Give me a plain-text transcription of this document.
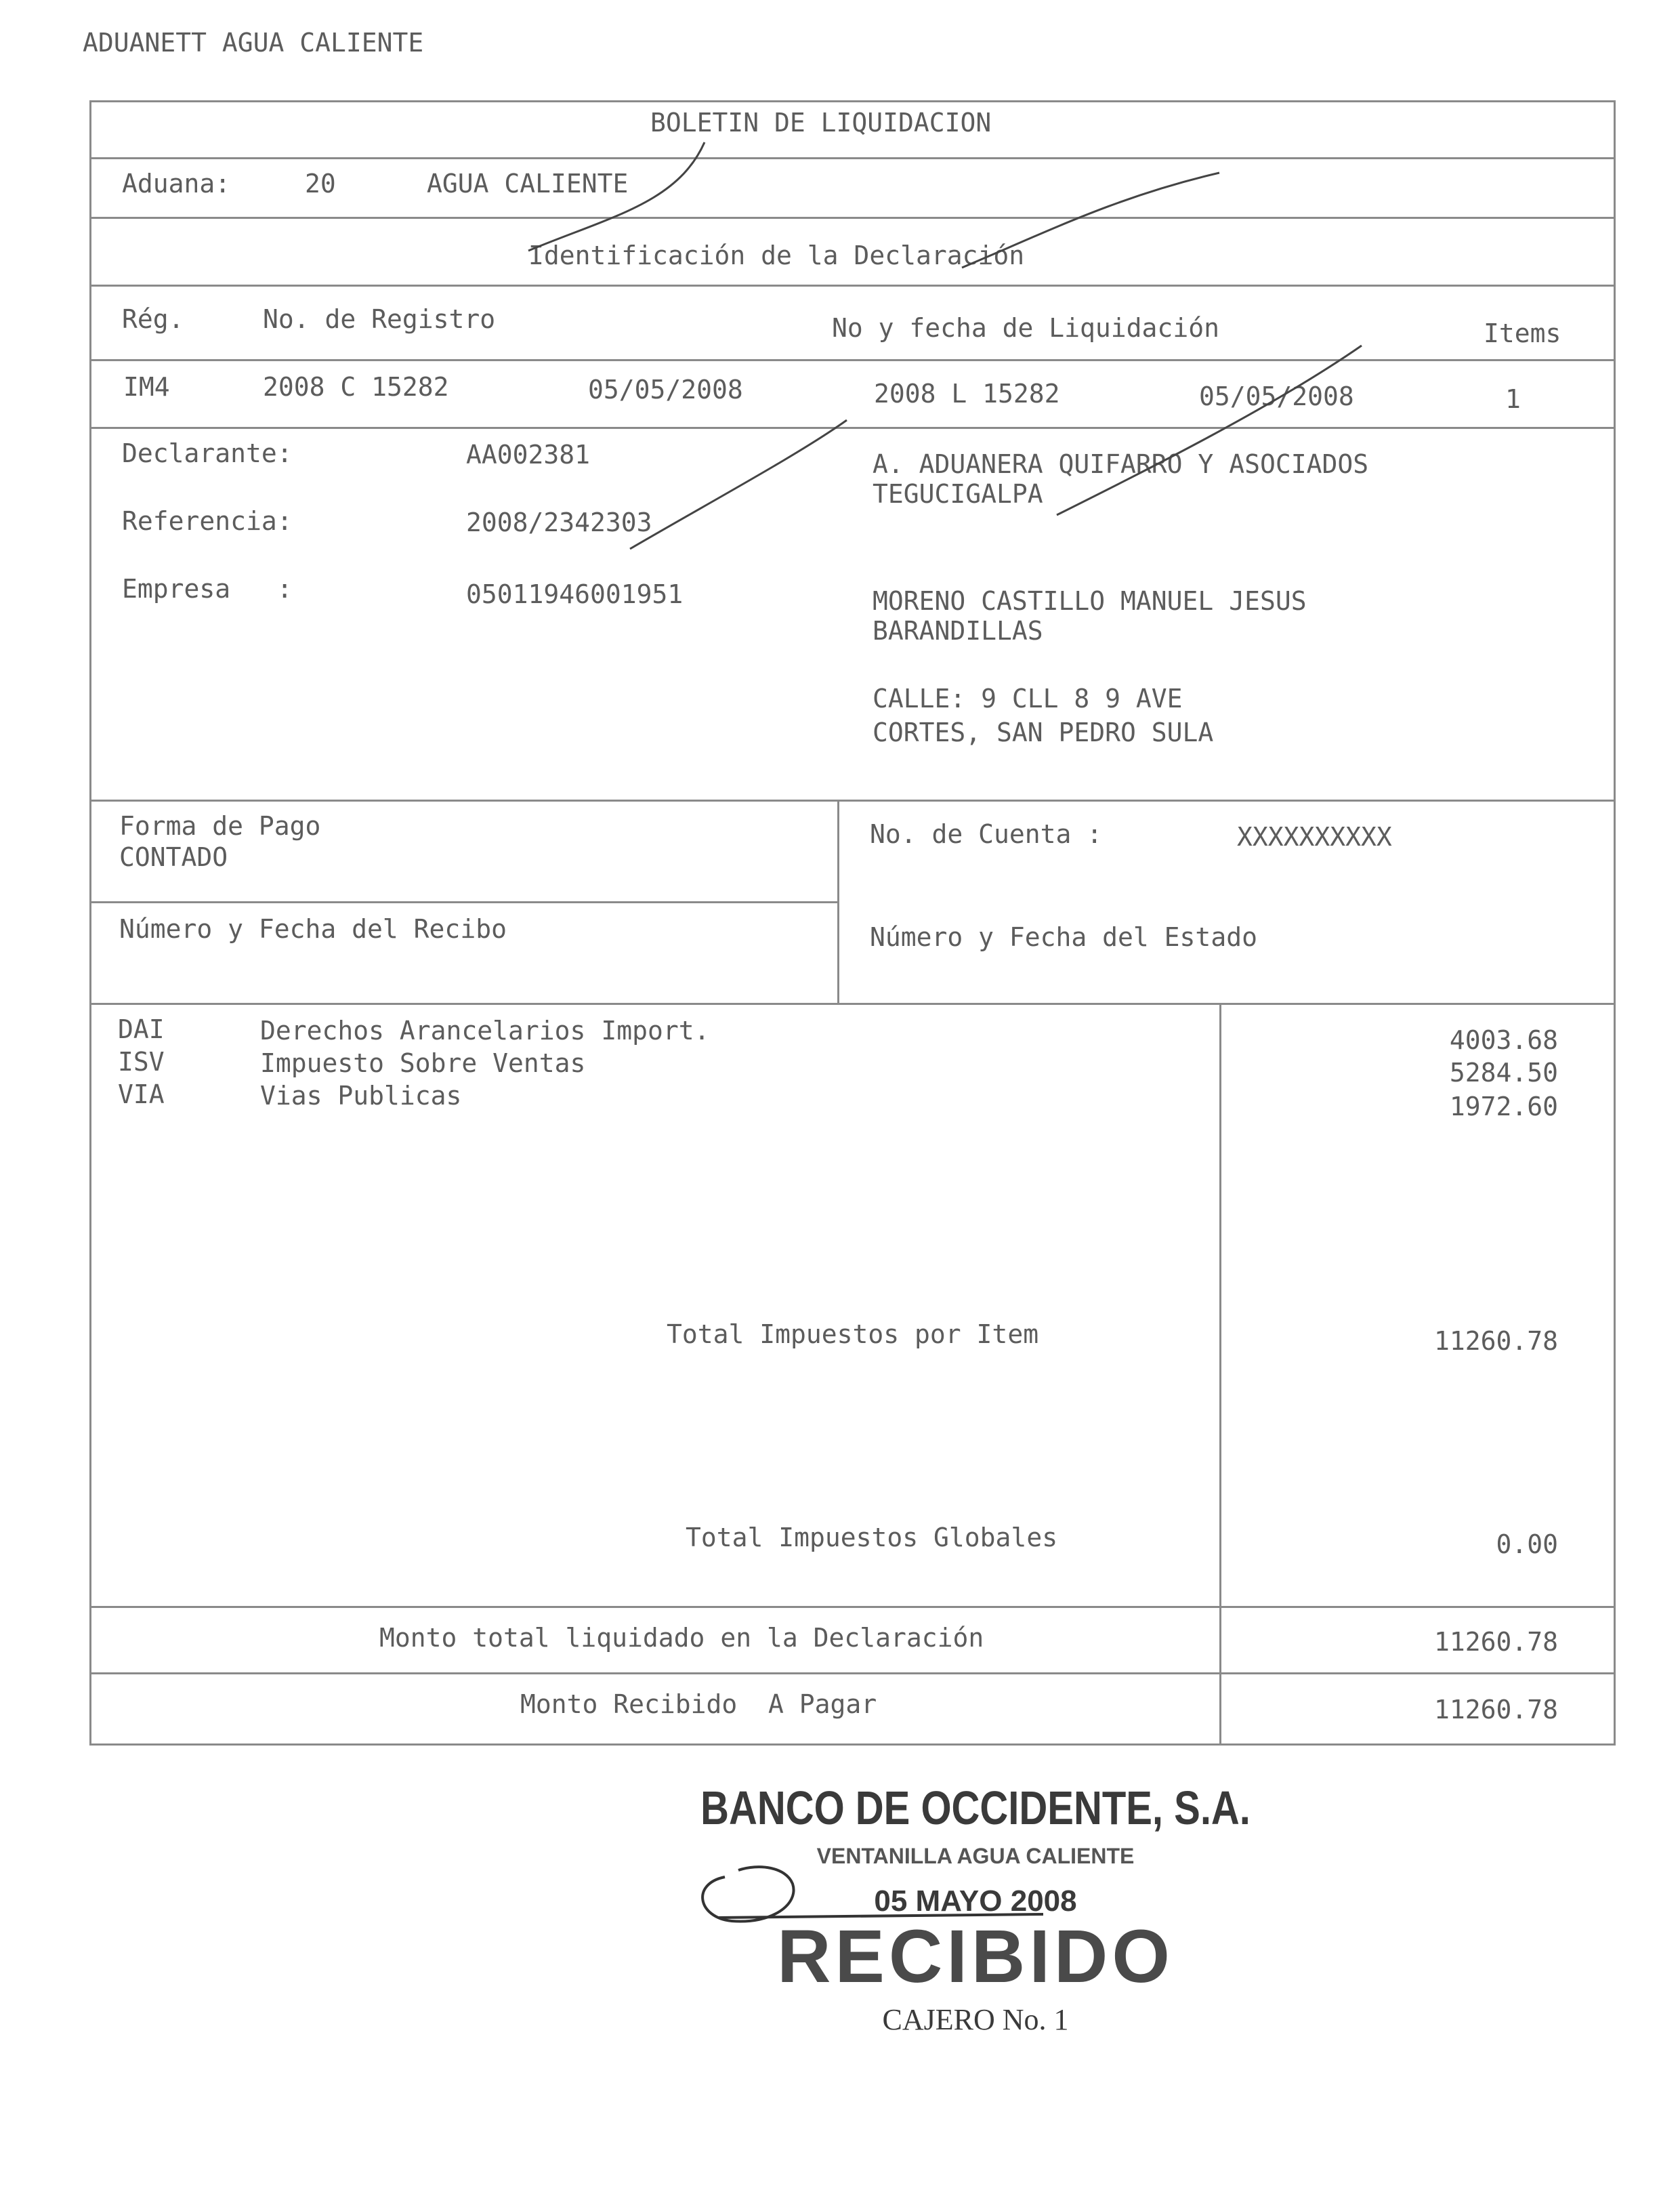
ADUANETT AGUA CALIENTE
BOLETIN DE LIQUIDACION
Aduana:	20	AGUA CALIENTE
Identificación de la Declaración
Rég.	No. de Registro	No y fecha de Liquidación	Items
IM4	2008 C 15282	05/05/2008	2008 L 15282	05/05/2008	1
Declarante:	AA002381	A. ADUANERA QUIFARRO Y ASOCIADOS
TEGUCIGALPA
Referencia:	2008/2342303
Empresa   :	05011946001951	MORENO CASTILLO MANUEL JESUS
BARANDILLAS
CALLE: 9 CLL 8 9 AVE
CORTES, SAN PEDRO SULA
Forma de Pago
CONTADO
No. de Cuenta :	XXXXXXXXXX
Número y Fecha del Recibo	Número y Fecha del Estado
DAI	Derechos Arancelarios Import.	4003.68
ISV	Impuesto Sobre Ventas	5284.50
VIA	Vias Publicas	1972.60
Total Impuestos por Item	11260.78
Total Impuestos Globales	0.00
Monto total liquidado en la Declaración	11260.78
Monto Recibido  A Pagar	11260.78
BANCO DE OCCIDENTE, S.A.
VENTANILLA AGUA CALIENTE
05 MAYO 2008
RECIBIDO
CAJERO No. 1
